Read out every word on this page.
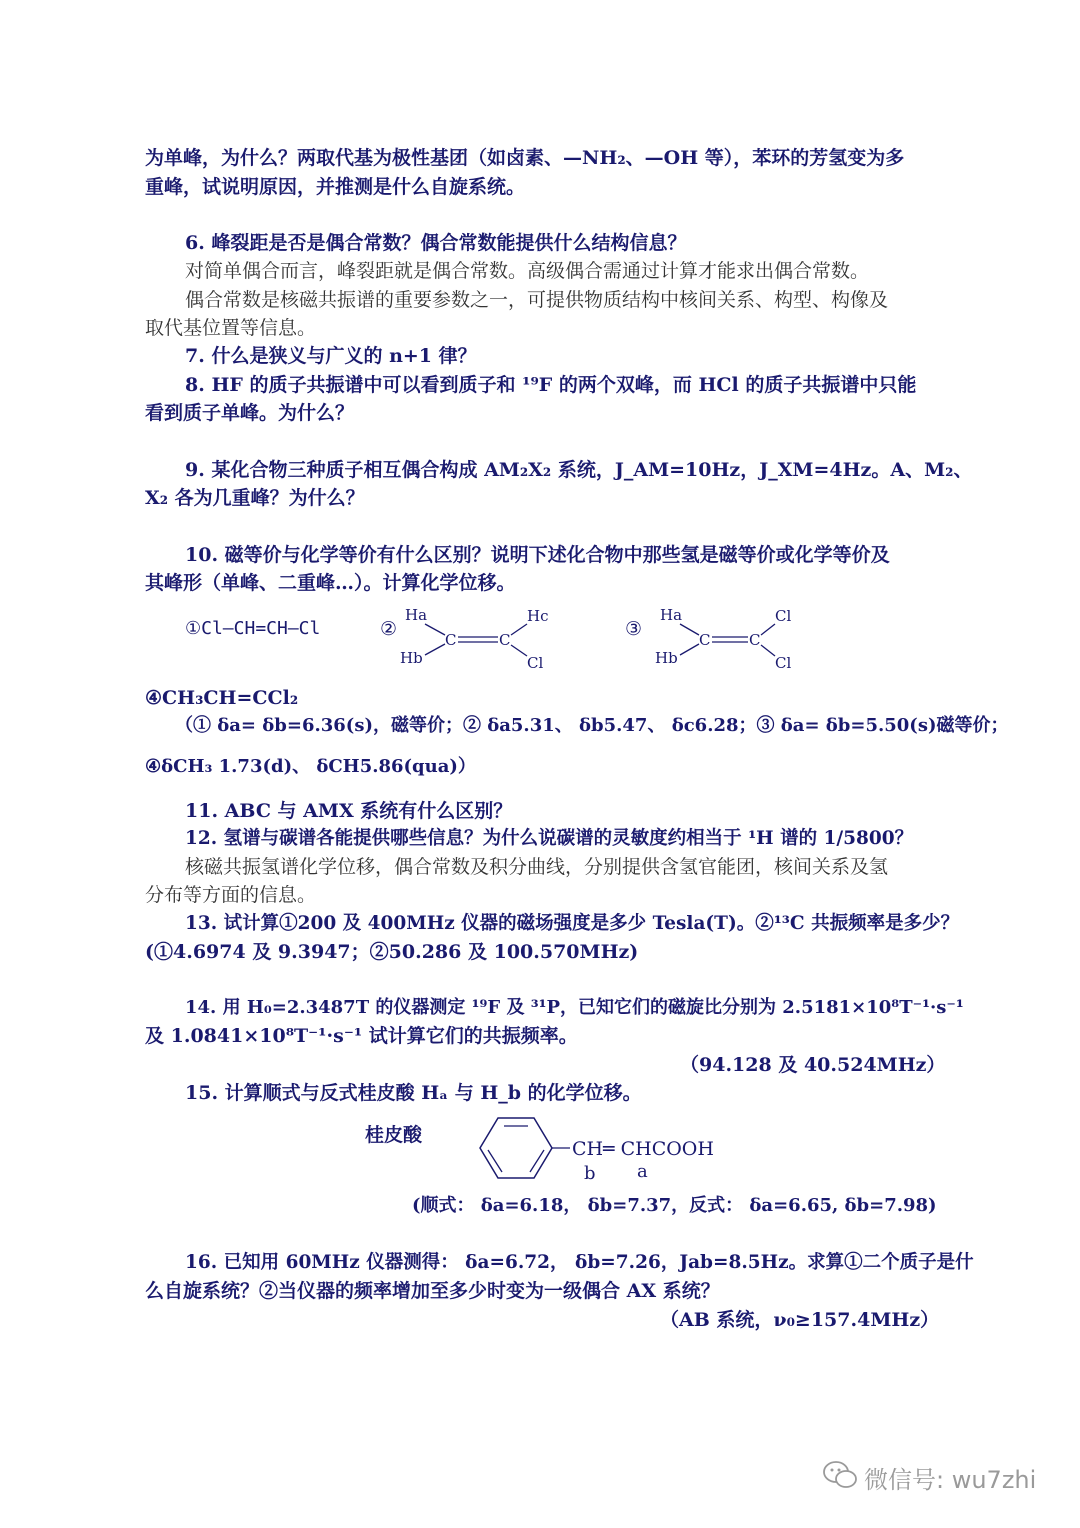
为单峰，为什么？两取代基为极性基团（如卤素、—NH₂、—OH 等），苯环的芳氢变为多
重峰，试说明原因，并推测是什么自旋系统。
6. 峰裂距是否是偶合常数？偶合常数能提供什么结构信息？
对简单偶合而言，峰裂距就是偶合常数。高级偶合需通过计算才能求出偶合常数。
偶合常数是核磁共振谱的重要参数之一，可提供物质结构中核间关系、构型、构像及
取代基位置等信息。
7. 什么是狭义与广义的 n+1 律？
8. HF 的质子共振谱中可以看到质子和 ¹⁹F 的两个双峰，而 HCl 的质子共振谱中只能
看到质子单峰。为什么？
9. 某化合物三种质子相互偶合构成 AM₂X₂ 系统，J_AM=10Hz，J_XM=4Hz。A、M₂、
X₂ 各为几重峰？为什么？
10. 磁等价与化学等价有什么区别？说明下述化合物中那些氢是磁等价或化学等价及
其峰形（单峰、二重峰…）。计算化学位移。
①Cl—CH=CH—Cl	②
Ha
Hb
C	C
Hc
Cl
③
Ha
Hb
C	C
Cl
Cl
④CH₃CH=CCl₂
（① δa= δb=6.36(s)，磁等价；② δa5.31、 δb5.47、 δc6.28；③ δa= δb=5.50(s)磁等价；
④δCH₃ 1.73(d)、 δCH5.86(qua)）
11. ABC 与 AMX 系统有什么区别？
12. 氢谱与碳谱各能提供哪些信息？为什么说碳谱的灵敏度约相当于 ¹H 谱的 1/5800？
核磁共振氢谱化学位移，偶合常数及积分曲线，分别提供含氢官能团，核间关系及氢
分布等方面的信息。
13. 试计算①200 及 400MHz 仪器的磁场强度是多少 Tesla(T)。②¹³C 共振频率是多少？
(①4.6974 及 9.3947；②50.286 及 100.570MHz)
14. 用 H₀=2.3487T 的仪器测定 ¹⁹F 及 ³¹P，已知它们的磁旋比分别为 2.5181×10⁸T⁻¹·s⁻¹
及 1.0841×10⁸T⁻¹·s⁻¹ 试计算它们的共振频率。
（94.128 及 40.524MHz）
15. 计算顺式与反式桂皮酸 Hₐ 与 H_b 的化学位移。
桂皮酸
CH═ CHCOOH
b a
(顺式： δa=6.18， δb=7.37，反式： δa=6.65, δb=7.98)
16. 已知用 60MHz 仪器测得： δa=6.72， δb=7.26，Jab=8.5Hz。求算①二个质子是什
么自旋系统？②当仪器的频率增加至多少时变为一级偶合 AX 系统？
（AB 系统，ν₀≥157.4MHz）
微信号: wu7zhi
